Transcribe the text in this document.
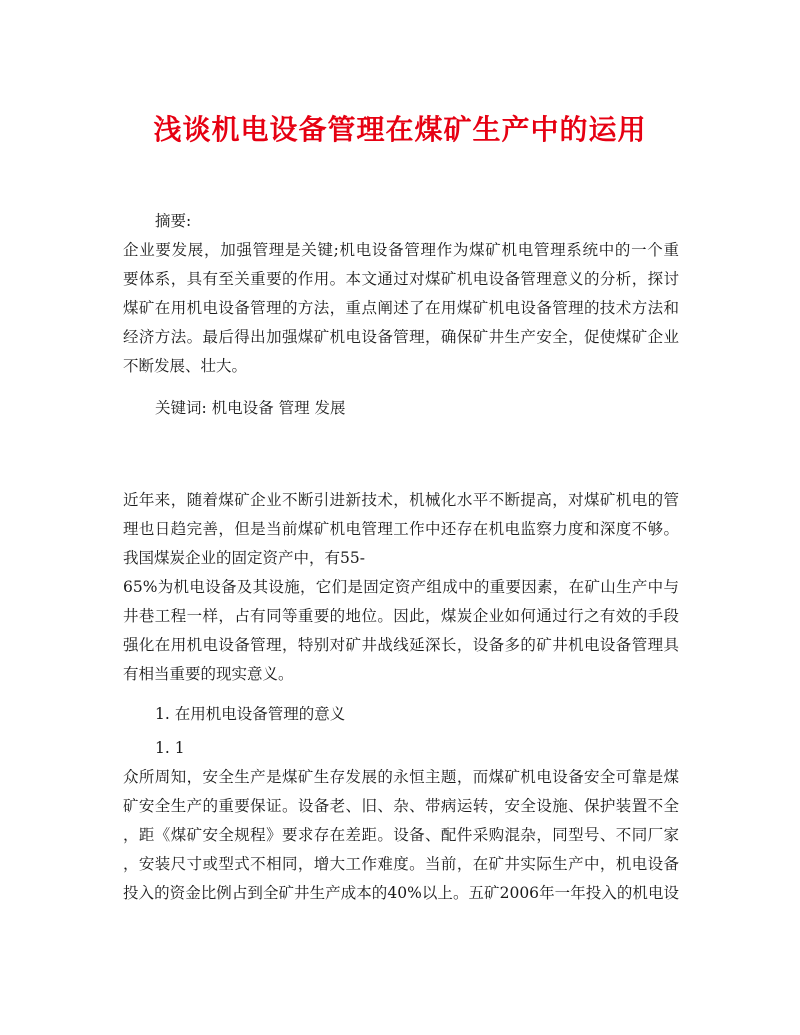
浅谈机电设备管理在煤矿生产中的运用

摘要:

企业要发展，加强管理是关键;机电设备管理作为煤矿机电管理系统中的一个重

要体系，具有至关重要的作用。本文通过对煤矿机电设备管理意义的分析，探讨

煤矿在用机电设备管理的方法，重点阐述了在用煤矿机电设备管理的技术方法和

经济方法。最后得出加强煤矿机电设备管理，确保矿井生产安全，促使煤矿企业

不断发展、壮大。

关键词: 机电设备 管理 发展

近年来，随着煤矿企业不断引进新技术，机械化水平不断提高，对煤矿机电的管

理也日趋完善，但是当前煤矿机电管理工作中还存在机电监察力度和深度不够。

我国煤炭企业的固定资产中，有55-

65%为机电设备及其设施，它们是固定资产组成中的重要因素，在矿山生产中与

井巷工程一样，占有同等重要的地位。因此，煤炭企业如何通过行之有效的手段

强化在用机电设备管理，特别对矿井战线延深长，设备多的矿井机电设备管理具

有相当重要的现实意义。

1. 在用机电设备管理的意义

1. 1

众所周知，安全生产是煤矿生存发展的永恒主题，而煤矿机电设备安全可靠是煤

矿安全生产的重要保证。设备老、旧、杂、带病运转，安全设施、保护装置不全

，距《煤矿安全规程》要求存在差距。设备、配件采购混杂，同型号、不同厂家

，安装尺寸或型式不相同，增大工作难度。当前，在矿井实际生产中，机电设备

投入的资金比例占到全矿井生产成本的40%以上。五矿2006年一年投入的机电设
